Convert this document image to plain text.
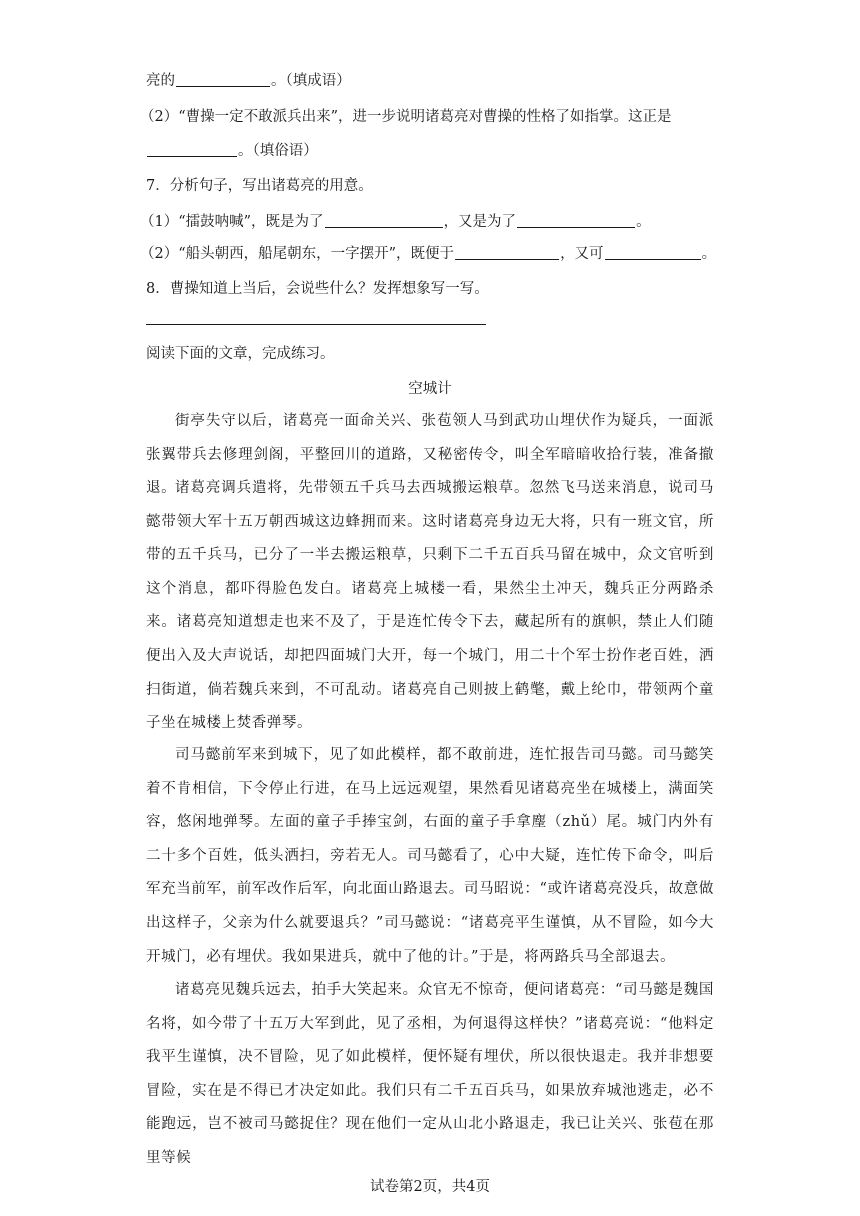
亮的	。（填成语）
（2）“曹操一定不敢派兵出来”，进一步说明诸葛亮对曹操的性格了如指掌。这正是
。（填俗语）
7．分析句子，写出诸葛亮的用意。
（1）“擂鼓呐喊”，既是为了	，又是为了	。
（2）“船头朝西，船尾朝东，一字摆开”，既便于	，又可	。
8．曹操知道上当后，会说些什么？发挥想象写一写。
阅读下面的文章，完成练习。
空城计
街亭失守以后，诸葛亮一面命关兴、张苞领人马到武功山埋伏作为疑兵，一面派张翼带兵去修理剑阁，平整回川的道路，又秘密传令，叫全军暗暗收拾行装，准备撤退。
诸葛亮调兵遣将，先带领五千兵马去西城搬运粮草。忽然飞马送来消息，说司马懿带领大军十五万朝西城这边蜂拥而来。这时诸葛亮身边无大将，只有一班文官，所带的五千兵马，已分了一半去搬运粮草，只剩下二千五百兵马留在城中，众文官听到这个消息，都吓得脸色发白。诸葛亮上城楼一看，果然尘土冲天，魏兵正分两路杀来。诸葛亮知道想走也来不及了，于是连忙传令下去，藏起所有的旗帜，禁止人们随便出入及大声说话，却把四面城门大开，每一个城门，用二十个军士扮作老百姓，洒扫街道，倘若魏兵来到，不可乱动。诸葛亮自己则披上鹤氅，戴上纶巾，带领两个童子坐在城楼上焚香弹琴。
司马懿前军来到城下，见了如此模样，都不敢前进，连忙报告司马懿。司马懿笑着不肯相信，下令停止行进，在马上远远观望，果然看见诸葛亮坐在城楼上，满面笑容，悠闲地弹琴。左面的童子手捧宝剑，右面的童子手拿麈（zhǔ）尾。城门内外有二十多个百姓，低头洒扫，旁若无人。司马懿看了，心中大疑，连忙传下命令，叫后军充当前军，前军改作后军，向北面山路退去。司马昭说：“或许诸葛亮没兵，故意做出这样子，父亲为什么就要退兵？”司马懿说：“诸葛亮平生谨慎，从不冒险，如今大开城门，必有埋伏。我如果进兵，就中了他的计。”于是，将两路兵马全部退去。
诸葛亮见魏兵远去，拍手大笑起来。众官无不惊奇，便问诸葛亮：“司马懿是魏国名将，如今带了十五万大军到此，见了丞相，为何退得这样快？”诸葛亮说：“他料定我平生谨慎，决不冒险，见了如此模样，便怀疑有埋伏，所以很快退走。我并非想要冒险，实在是不得已才决定如此。我们只有二千五百兵马，如果放弃城池逃走，必不能跑远，岂不被司马懿捉住？现在他们一定从山北小路退走，我已让关兴、张苞在那里等候
试卷第2页，共4页
